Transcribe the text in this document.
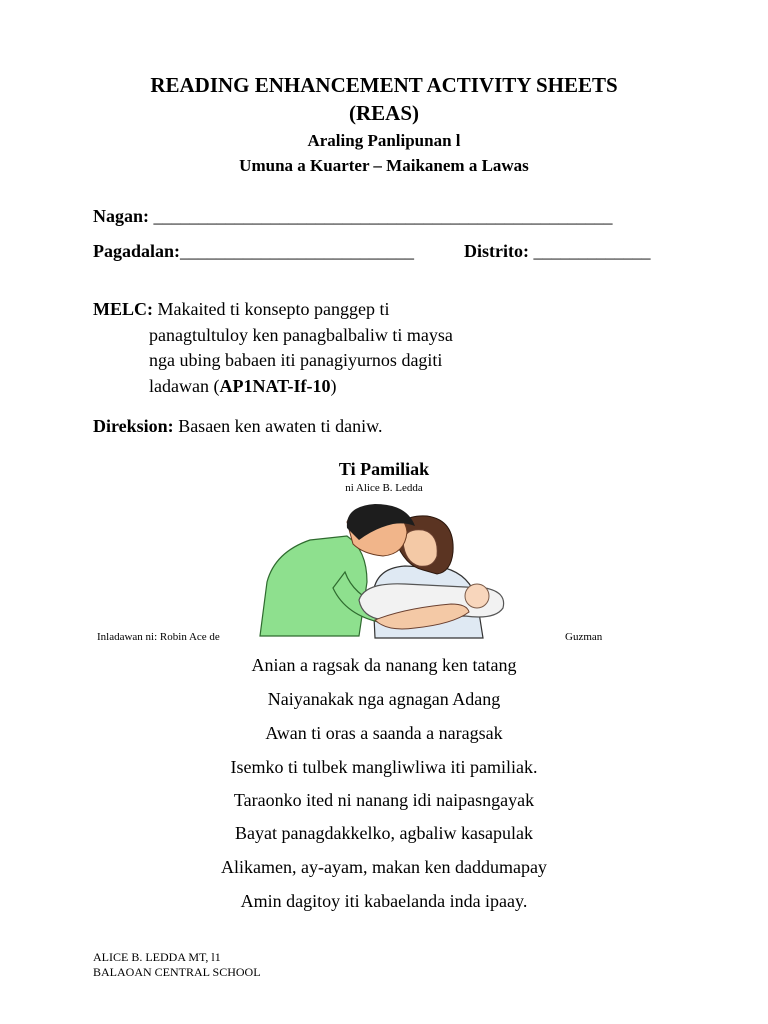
READING ENHANCEMENT ACTIVITY SHEETS
(REAS)
Araling Panlipunan l
Umuna a Kuarter – Maikanem a Lawas
Nagan: ___________________________________________________
Pagadalan:__________________________	Distrito: _____________
MELC: Makaited ti konsepto panggep ti
panagtultuloy ken panagbalbaliw ti maysa
nga ubing babaen iti panagiyurnos dagiti
ladawan (AP1NAT-If-10)
Direksion: Basaen ken awaten ti daniw.
Ti Pamiliak
ni Alice B. Ledda
Inladawan ni: Robin Ace de	Guzman
Anian a ragsak da nanang ken tatang
Naiyanakak nga agnagan Adang
Awan ti oras a saanda a naragsak
Isemko ti tulbek mangliwliwa iti pamiliak.
Taraonko ited ni nanang idi naipasngayak
Bayat panagdakkelko, agbaliw kasapulak
Alikamen, ay-ayam, makan ken daddumapay
Amin dagitoy iti kabaelanda inda ipaay.
ALICE B. LEDDA MT, l1
BALAOAN CENTRAL SCHOOL
